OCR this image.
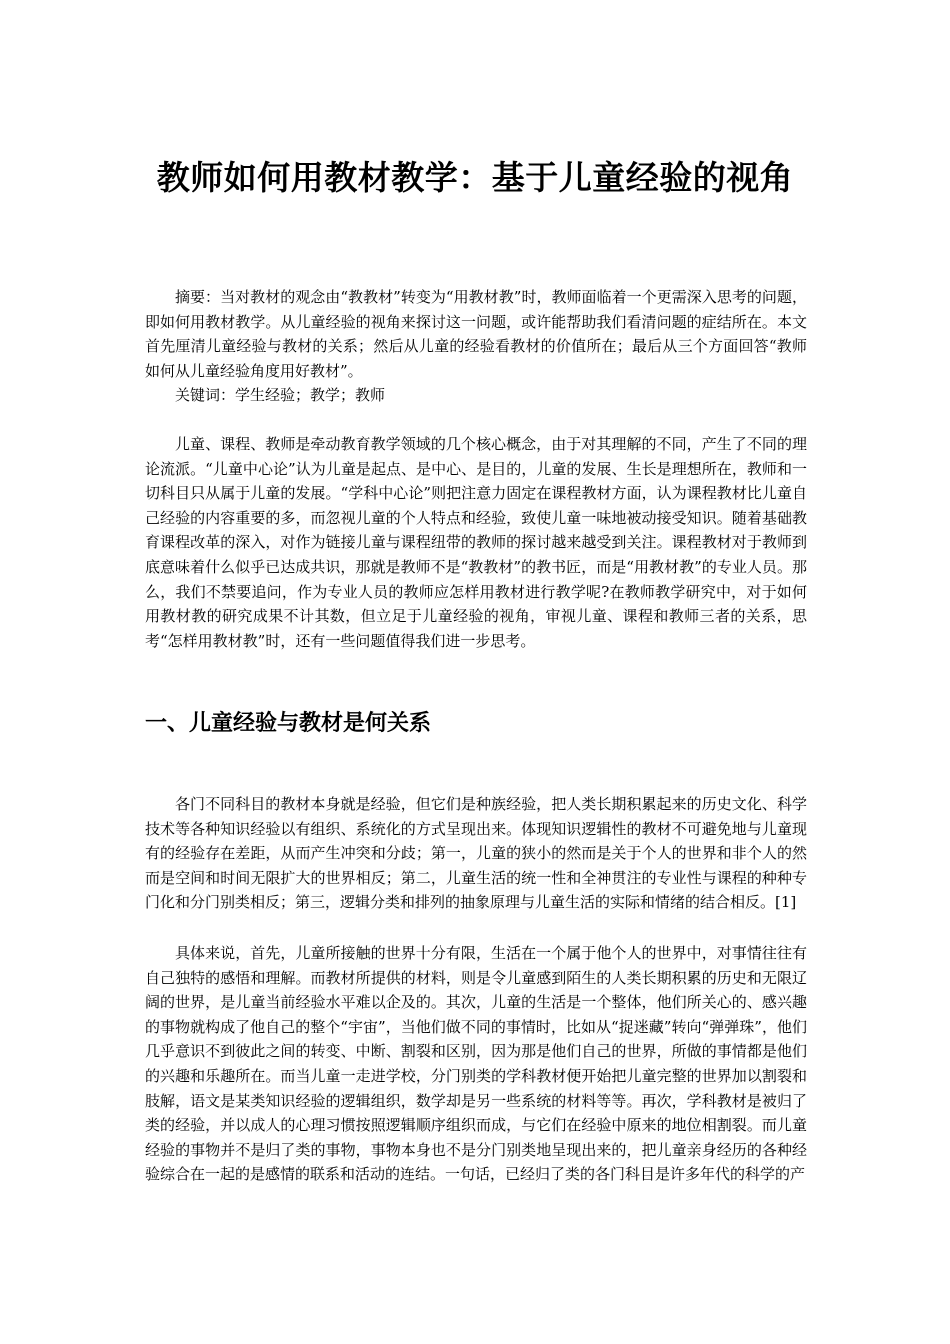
教师如何用教材教学：基于儿童经验的视角

摘要：当对教材的观念由“教教材”转变为“用教材教”时，教师面临着一个更需深入思考的问题，即如何用教材教学。从儿童经验的视角来探讨这一问题，或许能帮助我们看清问题的症结所在。本文首先厘清儿童经验与教材的关系；然后从儿童的经验看教材的价值所在；最后从三个方面回答“教师如何从儿童经验角度用好教材”。

关键词：学生经验；教学；教师

儿童、课程、教师是牵动教育教学领域的几个核心概念，由于对其理解的不同，产生了不同的理论流派。“儿童中心论”认为儿童是起点、是中心、是目的，儿童的发展、生长是理想所在，教师和一切科目只从属于儿童的发展。“学科中心论”则把注意力固定在课程教材方面，认为课程教材比儿童自己经验的内容重要的多，而忽视儿童的个人特点和经验，致使儿童一味地被动接受知识。随着基础教育课程改革的深入，对作为链接儿童与课程纽带的教师的探讨越来越受到关注。课程教材对于教师到底意味着什么似乎已达成共识，那就是教师不是“教教材”的教书匠，而是“用教材教”的专业人员。那么，我们不禁要追问，作为专业人员的教师应怎样用教材进行教学呢?在教师教学研究中，对于如何用教材教的研究成果不计其数，但立足于儿童经验的视角，审视儿童、课程和教师三者的关系，思考“怎样用教材教”时，还有一些问题值得我们进一步思考。

一、儿童经验与教材是何关系

各门不同科目的教材本身就是经验，但它们是种族经验，把人类长期积累起来的历史文化、科学技术等各种知识经验以有组织、系统化的方式呈现出来。体现知识逻辑性的教材不可避免地与儿童现有的经验存在差距，从而产生冲突和分歧；第一，儿童的狭小的然而是关于个人的世界和非个人的然而是空间和时间无限扩大的世界相反；第二，儿童生活的统一性和全神贯注的专业性与课程的种种专门化和分门别类相反；第三，逻辑分类和排列的抽象原理与儿童生活的实际和情绪的结合相反。[1]

具体来说，首先，儿童所接触的世界十分有限，生活在一个属于他个人的世界中，对事情往往有自己独特的感悟和理解。而教材所提供的材料，则是令儿童感到陌生的人类长期积累的历史和无限辽阔的世界，是儿童当前经验水平难以企及的。其次，儿童的生活是一个整体，他们所关心的、感兴趣的事物就构成了他自己的整个“宇宙”，当他们做不同的事情时，比如从“捉迷藏”转向“弹弹珠”，他们几乎意识不到彼此之间的转变、中断、割裂和区别，因为那是他们自己的世界，所做的事情都是他们的兴趣和乐趣所在。而当儿童一走进学校，分门别类的学科教材便开始把儿童完整的世界加以割裂和肢解，语文是某类知识经验的逻辑组织，数学却是另一些系统的材料等等。再次，学科教材是被归了类的经验，并以成人的心理习惯按照逻辑顺序组织而成，与它们在经验中原来的地位相割裂。而儿童经验的事物并不是归了类的事物，事物本身也不是分门别类地呈现出来的，把儿童亲身经历的各种经验综合在一起的是感情的联系和活动的连结。一句话，已经归了类的各门科目是许多年代的科学的产
